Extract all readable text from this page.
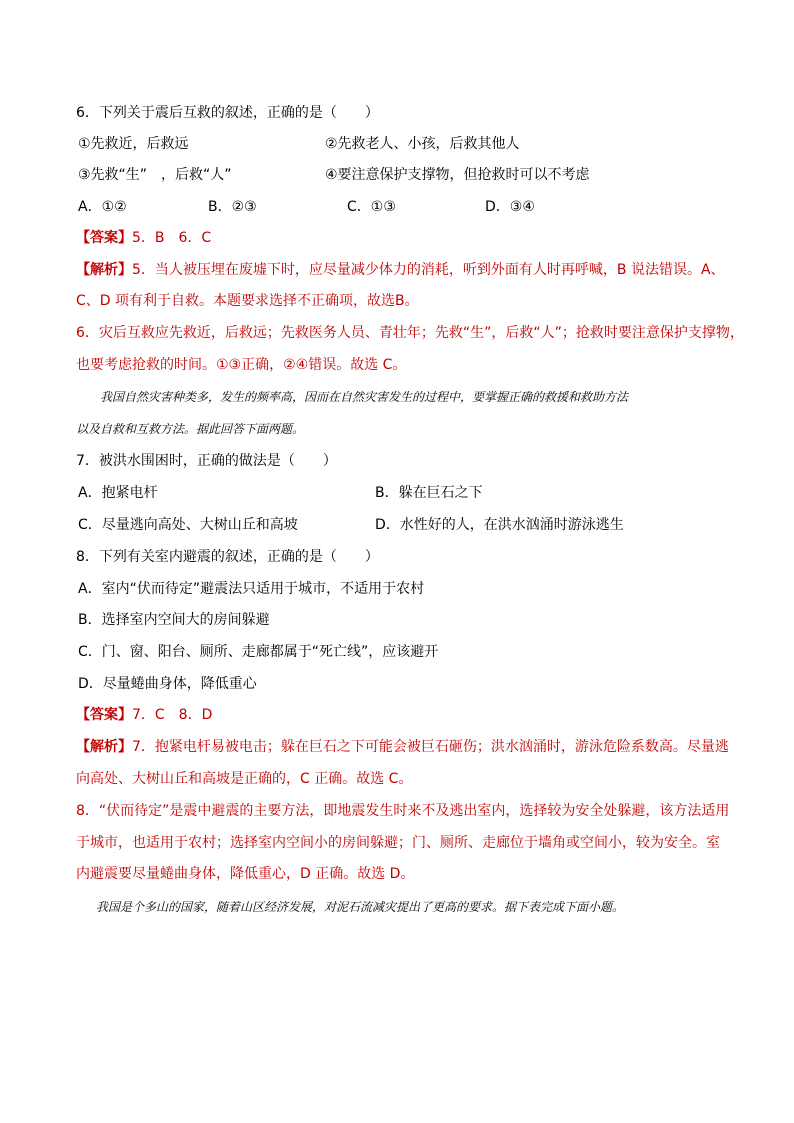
6．下列关于震后互救的叙述，正确的是（　　）
①先救近，后救远	②先救老人、小孩，后救其他人
③先救“生”　，后救“人”	④要注意保护支撑物，但抢救时可以不考虑
A．①②	B．②③	C．①③	D．③④
【答案】5．B　6．C
【解析】5．当人被压埋在废墟下时，应尽量减少体力的消耗，听到外面有人时再呼喊，B 说法错误。A、
C、D 项有利于自救。本题要求选择不正确项，故选B。
6．灾后互救应先救近，后救远；先救医务人员、青壮年；先救“生”，后救“人”；抢救时要注意保护支撑物，
也要考虑抢救的时间。①③正确，②④错误。故选 C。
我国自然灾害种类多，发生的频率高，因而在自然灾害发生的过程中，要掌握正确的救援和救助方法
以及自救和互救方法。据此回答下面两题。
7．被洪水围困时，正确的做法是（　　）
A．抱紧电杆	B．躲在巨石之下
C．尽量逃向高处、大树山丘和高坡	D．水性好的人，在洪水汹涌时游泳逃生
8．下列有关室内避震的叙述，正确的是（　　）
A．室内“伏而待定”避震法只适用于城市，不适用于农村
B．选择室内空间大的房间躲避
C．门、窗、阳台、厕所、走廊都属于“死亡线”，应该避开
D．尽量蜷曲身体，降低重心
【答案】7．C　8．D
【解析】7．抱紧电杆易被电击；躲在巨石之下可能会被巨石砸伤；洪水汹涌时，游泳危险系数高。尽量逃
向高处、大树山丘和高坡是正确的，C 正确。故选 C。
8．“伏而待定”是震中避震的主要方法，即地震发生时来不及逃出室内，选择较为安全处躲避，该方法适用
于城市，也适用于农村；选择室内空间小的房间躲避；门、厕所、走廊位于墙角或空间小，较为安全。室
内避震要尽量蜷曲身体，降低重心，D 正确。故选 D。
我国是个多山的国家，随着山区经济发展，对泥石流减灾提出了更高的要求。据下表完成下面小题。
